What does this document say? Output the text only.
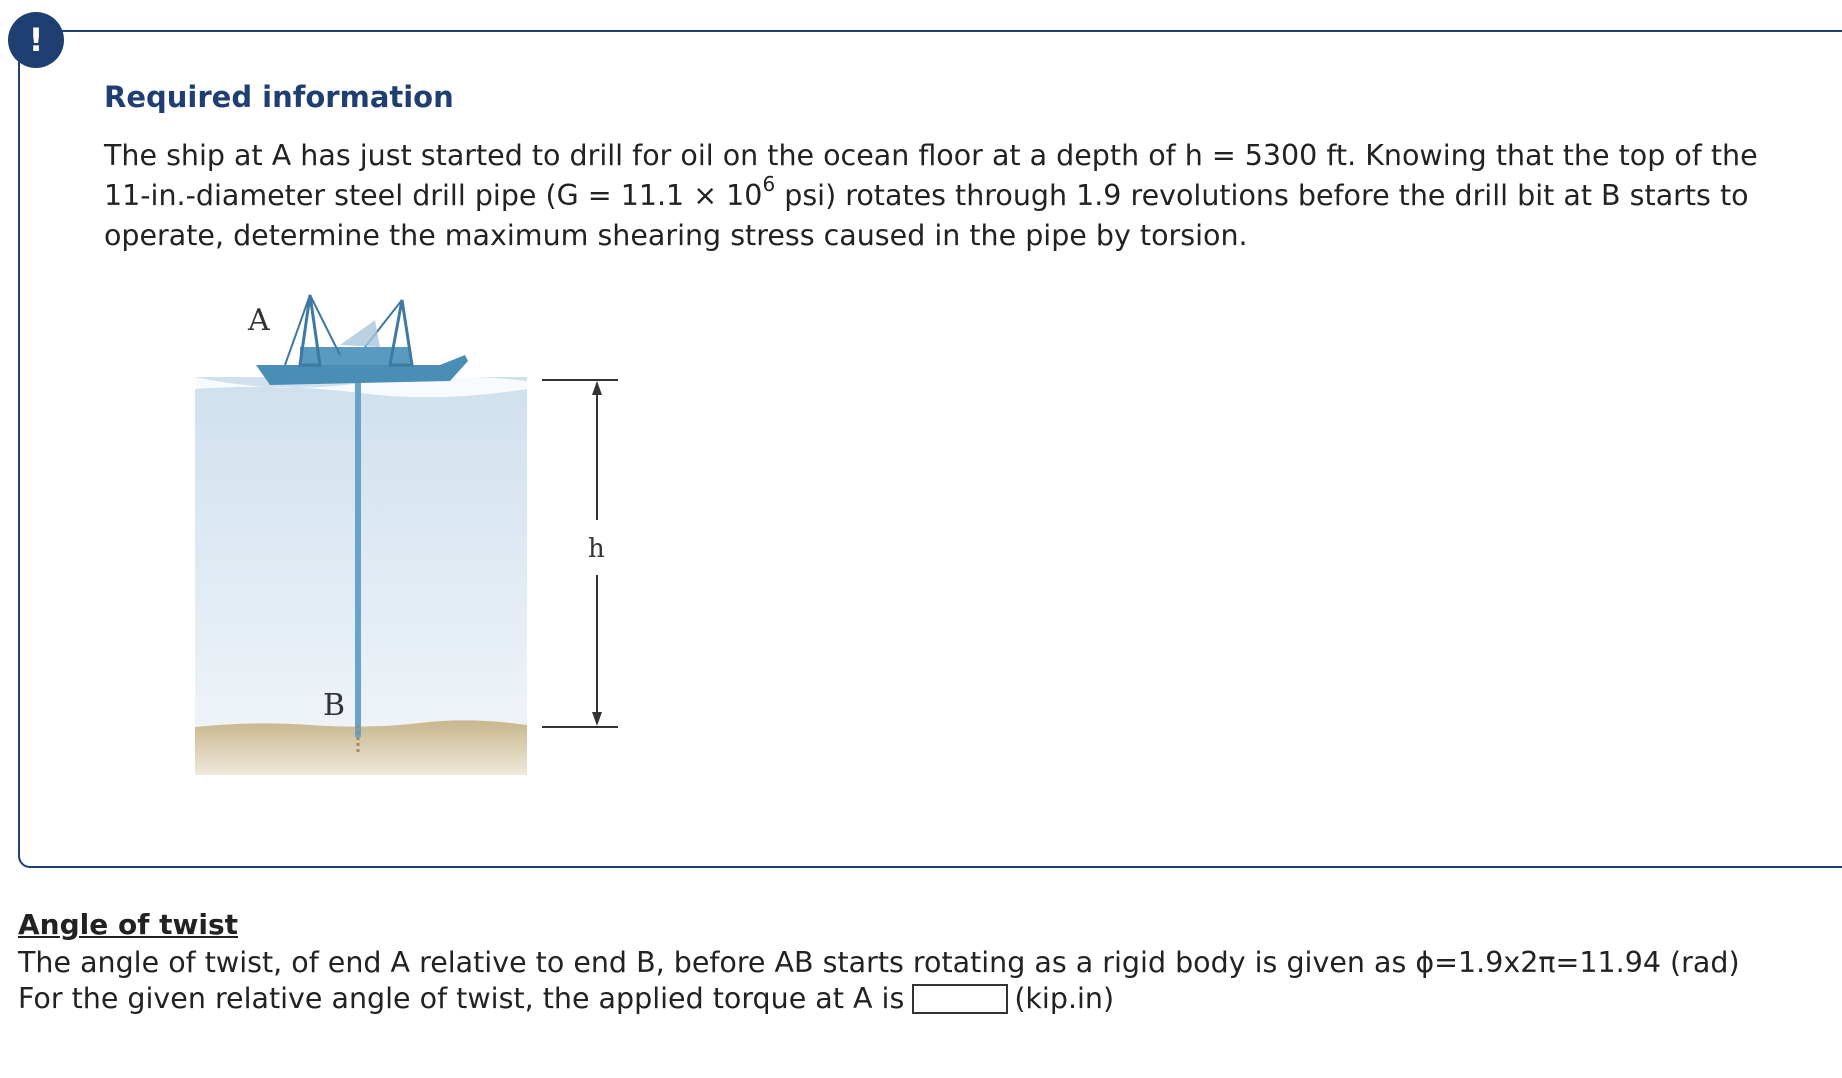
!
Required information
The ship at A has just started to drill for oil on the ocean floor at a depth of h = 5300 ft. Knowing that the top of the 11-in.-diameter steel drill pipe ($G = 11.1 \times 10^6$ psi) rotates through 1.9 revolutions before the drill bit at B starts to operate, determine the maximum shearing stress caused in the pipe by torsion.
A
B
h
Angle of twist
The angle of twist, of end A relative to end B, before AB starts rotating as a rigid body is given as ϕ=1.9x2π=11.94 (rad)
For the given relative angle of twist, the applied torque at A is	(kip.in)
